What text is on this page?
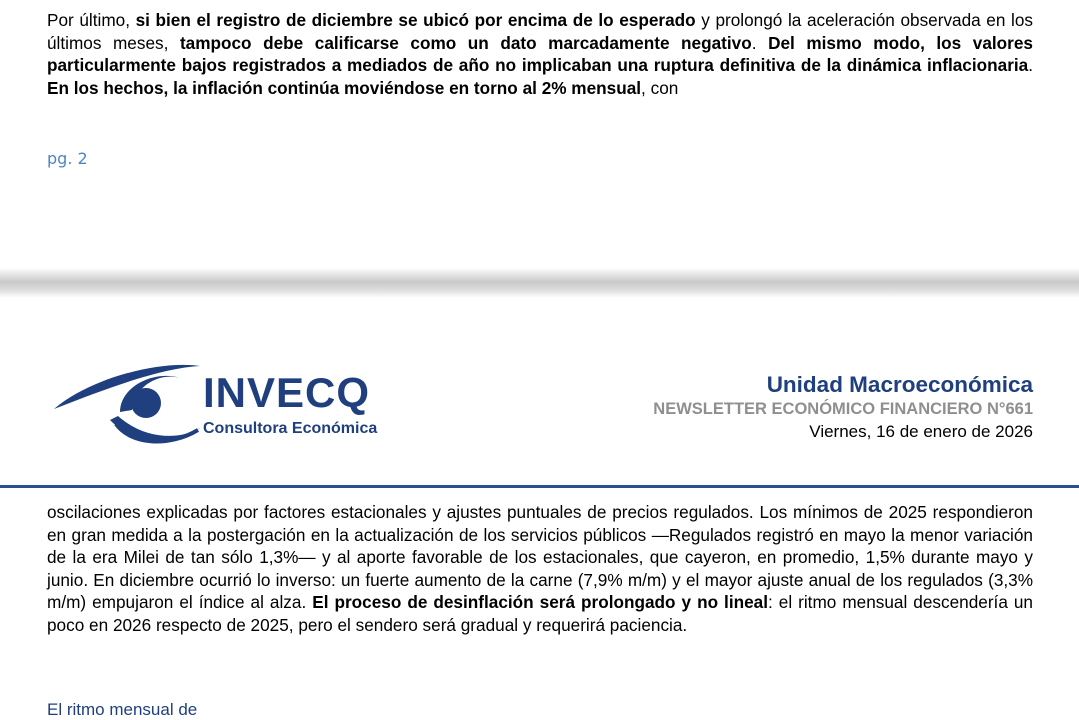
Por último, si bien el registro de diciembre se ubicó por encima de lo esperado y prolongó la aceleración observada en los últimos meses, tampoco debe calificarse como un dato marcadamente negativo. Del mismo modo, los valores particularmente bajos registrados a mediados de año no implicaban una ruptura definitiva de la dinámica inflacionaria. En los hechos, la inflación continúa moviéndose en torno al 2% mensual, con

pg. 2
INVECQ
Consultora Económica
Unidad Macroeconómica
NEWSLETTER ECONÓMICO FINANCIERO N°661
Viernes, 16 de enero de 2026

oscilaciones explicadas por factores estacionales y ajustes puntuales de precios regulados. Los mínimos de 2025 respondieron en gran medida a la postergación en la actualización de los servicios públicos —Regulados registró en mayo la menor variación de la era Milei de tan sólo 1,3%— y al aporte favorable de los estacionales, que cayeron, en promedio, 1,5% durante mayo y junio. En diciembre ocurrió lo inverso: un fuerte aumento de la carne (7,9% m/m) y el mayor ajuste anual de los regulados (3,3% m/m) empujaron el índice al alza. El proceso de desinflación será prolongado y no lineal: el ritmo mensual descendería un poco en 2026 respecto de 2025, pero el sendero será gradual y requerirá paciencia.

El ritmo mensual de
